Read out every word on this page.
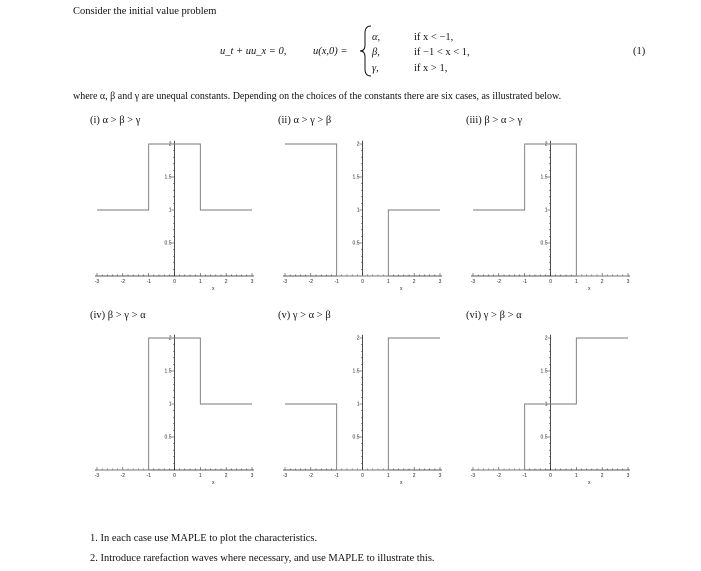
Consider the initial value problem
u_t + uu_x = 0,	u(x,0) =
α,	if x < −1,
β,	if −1 < x < 1,
γ,	if x > 1,
(1)
where α, β and γ are unequal constants. Depending on the choices of the constants there are six cases, as illustrated below.
(i) α > β > γ	(ii) α > γ > β	(iii) β > α > γ
(iv) β > γ > α	(v) γ > α > β	(vi) γ > β > α
-3	-2	-1	0	1	2	3
x
0.5
1
1.5
2
-3	-2	-1	0	1	2	3
x
0.5
1
1.5
2
-3	-2	-1	0	1	2	3
x
0.5
1
1.5
2
-3	-2	-1	0	1	2	3
x
0.5
1
1.5
2
-3	-2	-1	0	1	2	3
x
0.5
1
1.5
2
-3	-2	-1	0	1	2	3
x
0.5
1
1.5
2
1. In each case use MAPLE to plot the characteristics.
2. Introduce rarefaction waves where necessary, and use MAPLE to illustrate this.
